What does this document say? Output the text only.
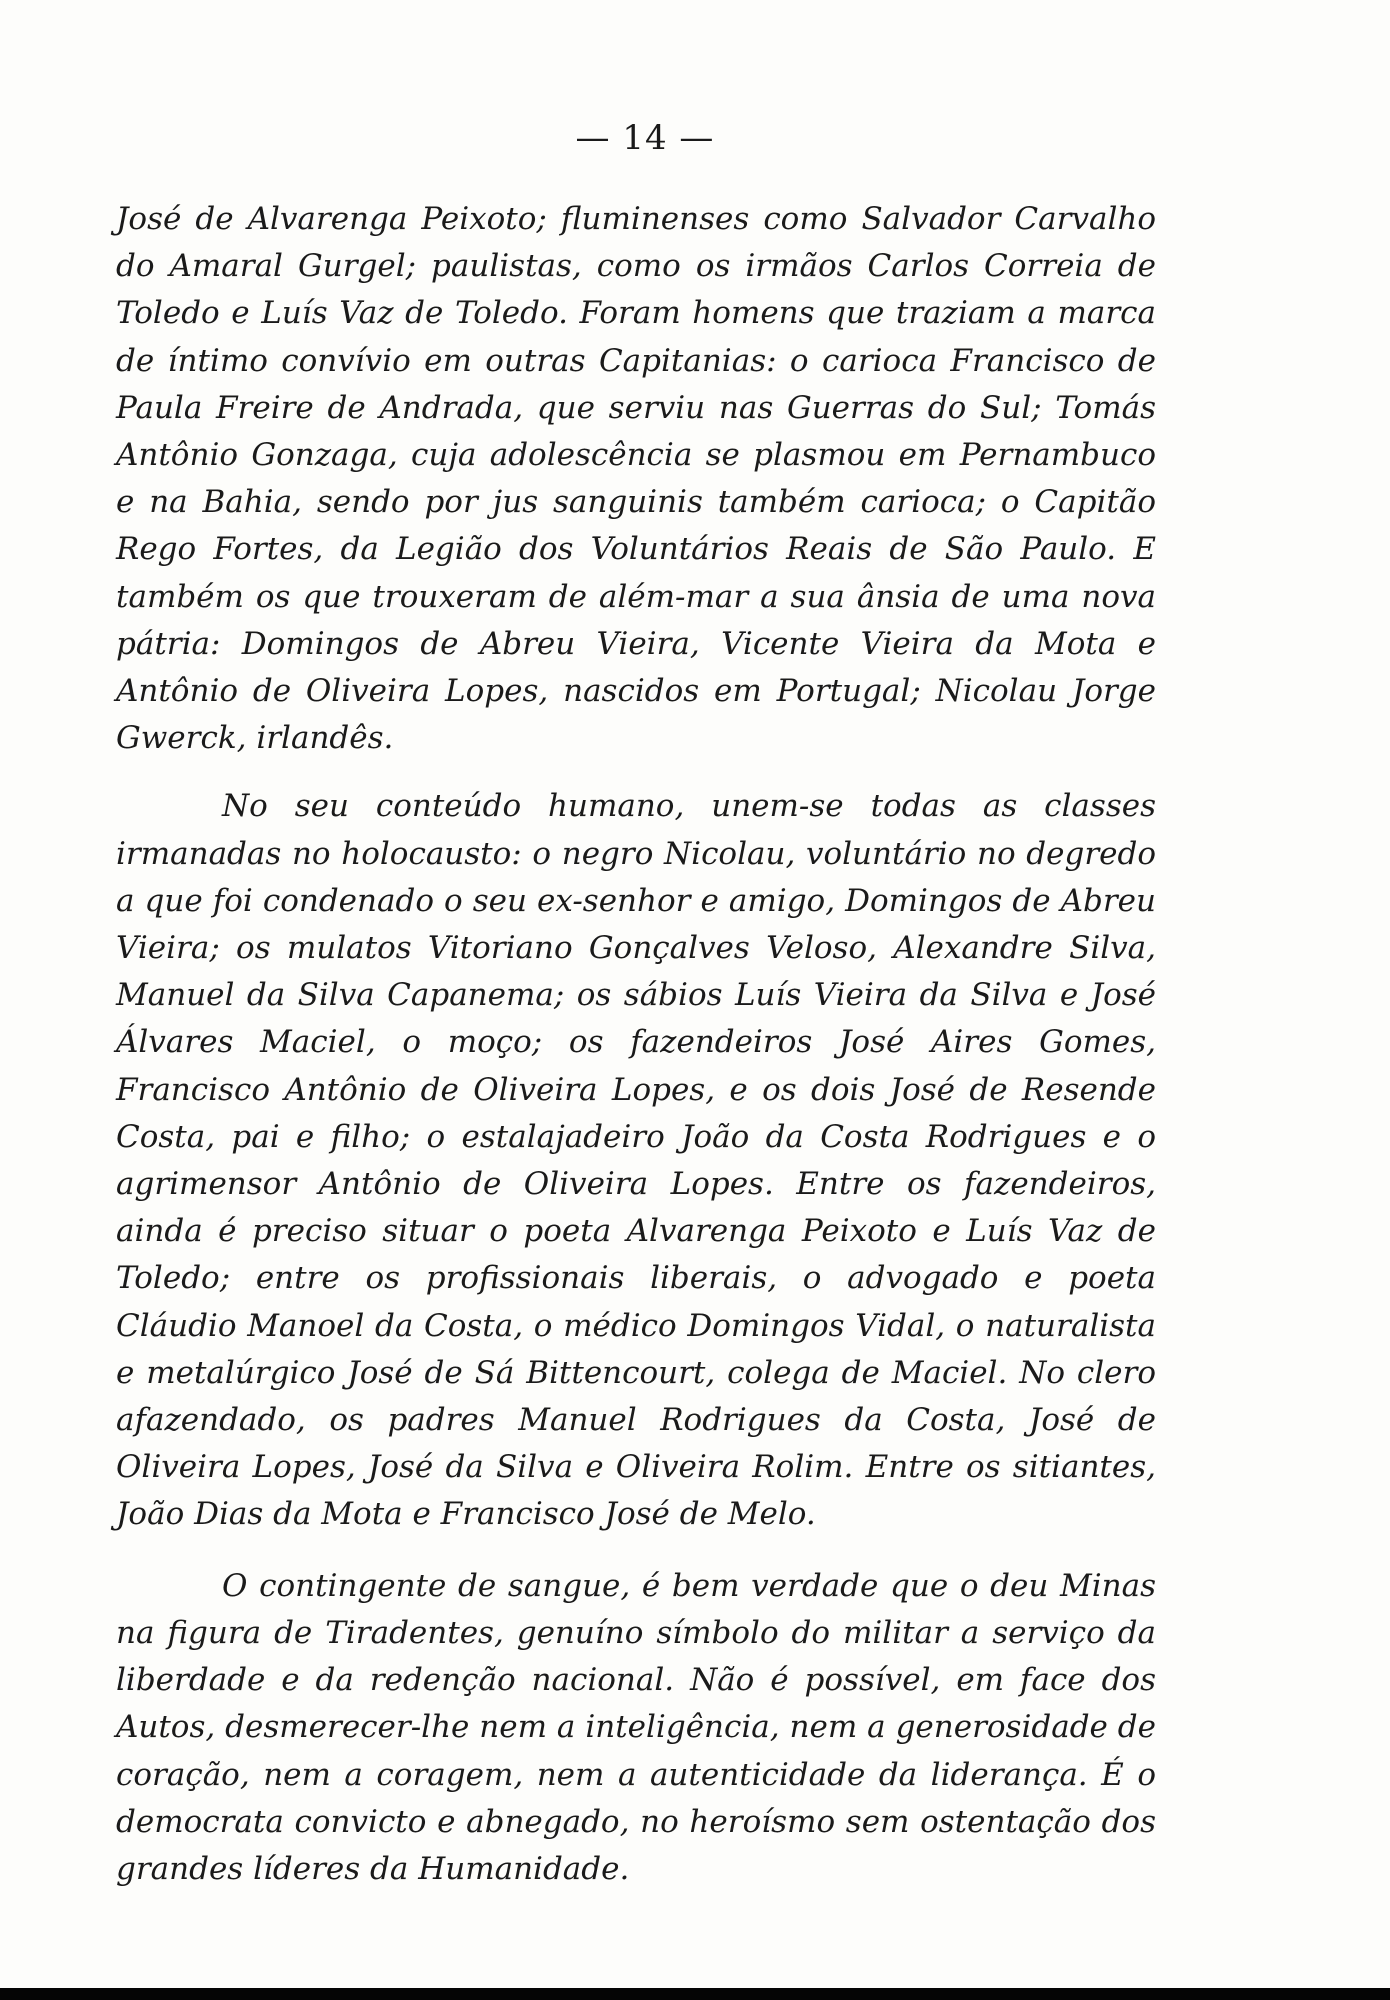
— 14 —

José de Alvarenga Peixoto; fluminenses como Salvador Carvalho do Amaral Gurgel; paulistas, como os irmãos Carlos Correia de Toledo e Luís Vaz de Toledo. Foram homens que traziam a marca de íntimo convívio em outras Capitanias: o carioca Francisco de Paula Freire de Andrada, que serviu nas Guerras do Sul; Tomás Antônio Gonzaga, cuja adolescência se plasmou em Pernambuco e na Bahia, sendo por jus sanguinis também carioca; o Capitão Rego Fortes, da Legião dos Voluntários Reais de São Paulo. E também os que trouxeram de além-mar a sua ânsia de uma nova pátria: Domingos de Abreu Vieira, Vicente Vieira da Mota e Antônio de Oliveira Lopes, nascidos em Portugal; Nicolau Jorge Gwerck, irlandês.

No seu conteúdo humano, unem-se todas as classes irmanadas no holocausto: o negro Nicolau, voluntário no degredo a que foi condenado o seu ex-senhor e amigo, Domingos de Abreu Vieira; os mulatos Vitoriano Gonçalves Veloso, Alexandre Silva, Manuel da Silva Capanema; os sábios Luís Vieira da Silva e José Álvares Maciel, o moço; os fazendeiros José Aires Gomes, Francisco Antônio de Oliveira Lopes, e os dois José de Resende Costa, pai e filho; o estalajadeiro João da Costa Rodrigues e o agrimensor Antônio de Oliveira Lopes. Entre os fazendeiros, ainda é preciso situar o poeta Alvarenga Peixoto e Luís Vaz de Toledo; entre os profissionais liberais, o advogado e poeta Cláudio Manoel da Costa, o médico Domingos Vidal, o naturalista e metalúrgico José de Sá Bittencourt, colega de Maciel. No clero afazendado, os padres Manuel Rodrigues da Costa, José de Oliveira Lopes, José da Silva e Oliveira Rolim. Entre os sitiantes, João Dias da Mota e Francisco José de Melo.

O contingente de sangue, é bem verdade que o deu Minas na figura de Tiradentes, genuíno símbolo do militar a serviço da liberdade e da redenção nacional. Não é possível, em face dos Autos, desmerecer-lhe nem a inteligência, nem a generosidade de coração, nem a coragem, nem a autenticidade da liderança. É o democrata convicto e abnegado, no heroísmo sem ostentação dos grandes líderes da Humanidade.
